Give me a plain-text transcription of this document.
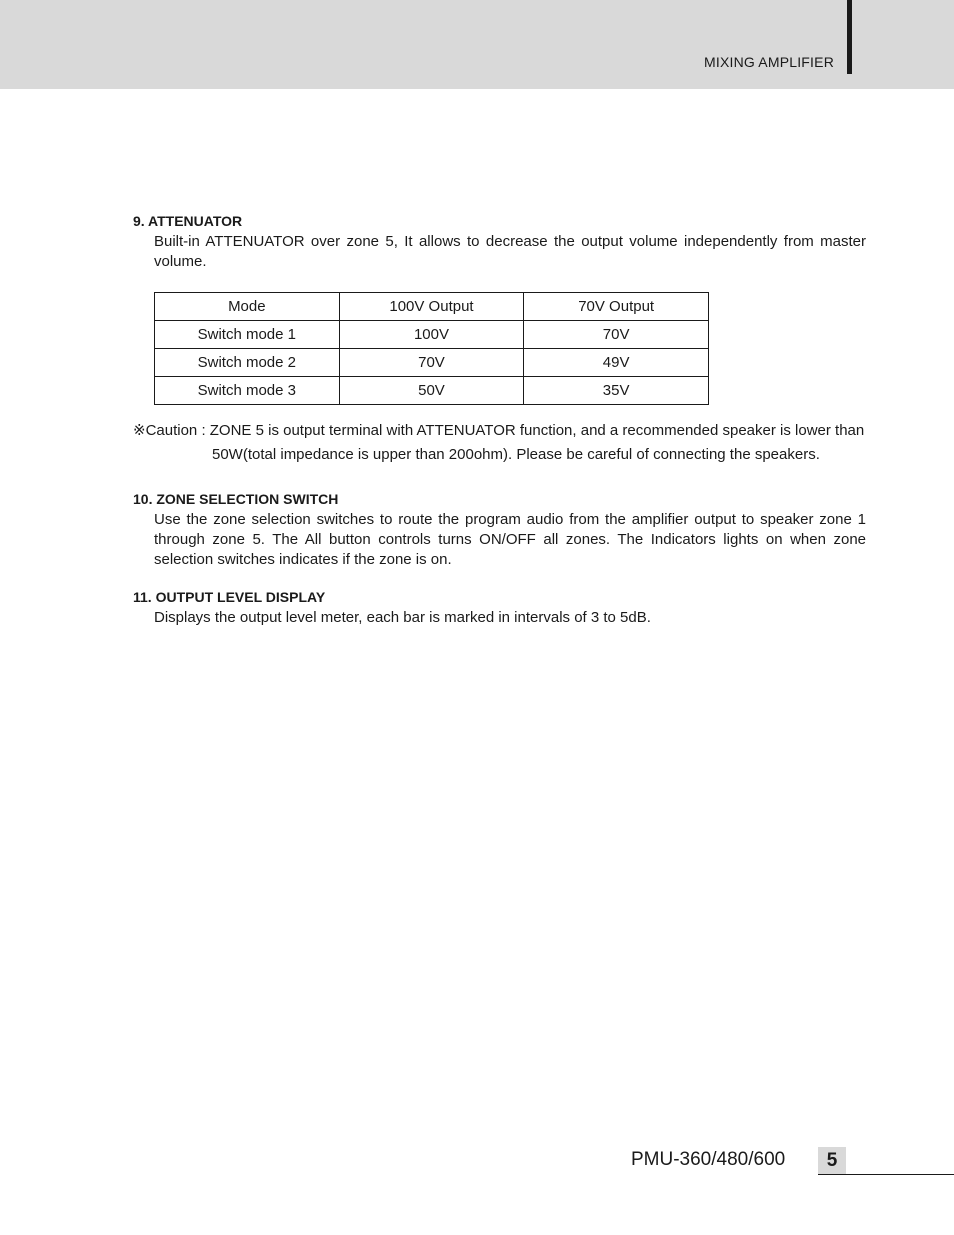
MIXING AMPLIFIER
9. ATTENUATOR

Built-in ATTENUATOR over zone 5, It allows to decrease the output volume independently from master volume.

Mode	100V Output	70V Output
Switch mode 1	100V	70V
Switch mode 2	70V	49V
Switch mode 3	50V	35V
※Caution : ZONE 5 is output terminal with ATTENUATOR function, and a recommended speaker is lower than
50W(total impedance is upper than 200ohm). Please be careful of connecting the speakers.
10. ZONE SELECTION SWITCH

Use the zone selection switches to route the program audio from the amplifier output to speaker zone 1 through zone 5. The All button controls turns ON/OFF all zones. The Indicators lights on when zone selection switches indicates if the zone is on.

11. OUTPUT LEVEL DISPLAY

Displays the output level meter, each bar is marked in intervals of 3 to 5dB.

PMU-360/480/600	5
